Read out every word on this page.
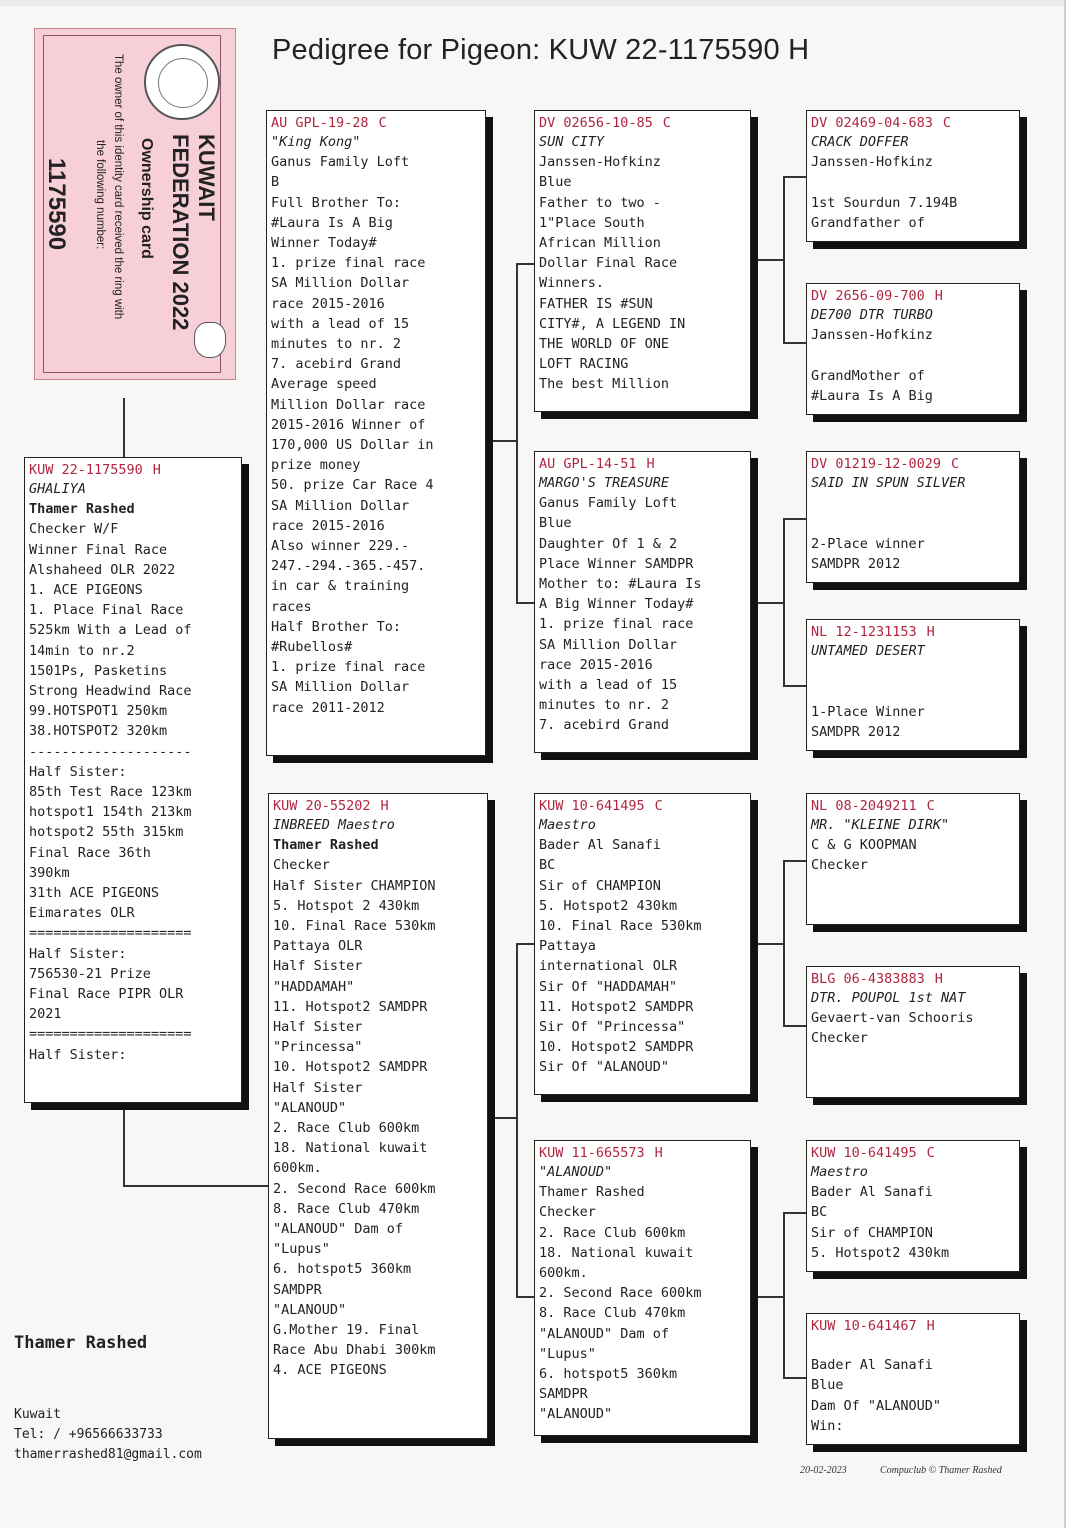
Pedigree for Pigeon: KUW 22-1175590 H
KUWAIT
FEDERATION 2022
Ownership card
The owner of this identity card received the ring with
the following number:
1175590
KUW 22-1175590 H
GHALIYA
Thamer Rashed
Checker W/F
Winner Final Race
Alshaheed OLR 2022
1. ACE PIGEONS
1. Place Final Race
525km With a Lead of
14min to nr.2
1501Ps, Pasketins
Strong Headwind Race
99.HOTSPOT1 250km
38.HOTSPOT2 320km
--------------------
Half Sister:
85th Test Race 123km
hotspot1 154th 213km
hotspot2 55th 315km
Final Race 36th
390km
31th ACE PIGEONS
Eimarates OLR
====================
Half Sister:
756530-21 Prize
Final Race PIPR OLR
2021
====================
Half Sister:
AU GPL-19-28 C
"King Kong"
Ganus Family Loft
B
Full Brother To:
#Laura Is A Big
Winner Today#
1. prize final race
SA Million Dollar
race 2015-2016
with a lead of 15
minutes to nr. 2
7. acebird Grand
Average speed
Million Dollar race
2015-2016 Winner of
170,000 US Dollar in
prize money
50. prize Car Race 4
SA Million Dollar
race 2015-2016
Also winner 229.-
247.-294.-365.-457.
in car & training
races
Half Brother To:
#Rubellos#
1. prize final race
SA Million Dollar
race 2011-2012
KUW 20-55202 H
INBREED Maestro
Thamer Rashed
Checker
Half Sister CHAMPION
5. Hotspot 2 430km
10. Final Race 530km
Pattaya OLR
Half Sister
"HADDAMAH"
11. Hotspot2 SAMDPR
Half Sister
"Princessa"
10. Hotspot2 SAMDPR
Half Sister
"ALANOUD"
2. Race Club 600km
18. National kuwait
600km.
2. Second Race 600km
8. Race Club 470km
"ALANOUD" Dam of
"Lupus"
6. hotspot5 360km
SAMDPR
"ALANOUD"
G.Mother 19. Final
Race Abu Dhabi 300km
4. ACE PIGEONS
DV 02656-10-85 C
SUN CITY
Janssen-Hofkinz
Blue
Father to two -
1"Place South
African Million
Dollar Final Race
Winners.
FATHER IS #SUN
CITY#, A LEGEND IN
THE WORLD OF ONE
LOFT RACING
The best Million
AU GPL-14-51 H
MARGO'S TREASURE
Ganus Family Loft
Blue
Daughter Of 1 & 2
Place Winner SAMDPR
Mother to: #Laura Is
A Big Winner Today#
1. prize final race
SA Million Dollar
race 2015-2016
with a lead of 15
minutes to nr. 2
7. acebird Grand
KUW 10-641495 C
Maestro
Bader Al Sanafi
BC
Sir of CHAMPION
5. Hotspot2 430km
10. Final Race 530km
Pattaya
international OLR
Sir Of "HADDAMAH"
11. Hotspot2 SAMDPR
Sir Of "Princessa"
10. Hotspot2 SAMDPR
Sir Of "ALANOUD"
KUW 11-665573 H
"ALANOUD"
Thamer Rashed
Checker
2. Race Club 600km
18. National kuwait
600km.
2. Second Race 600km
8. Race Club 470km
"ALANOUD" Dam of
"Lupus"
6. hotspot5 360km
SAMDPR
"ALANOUD"
DV 02469-04-683 C
CRACK DOFFER
Janssen-Hofkinz
1st Sourdun 7.194B
Grandfather of
DV 2656-09-700 H
DE700 DTR TURBO
Janssen-Hofkinz
GrandMother of
#Laura Is A Big
DV 01219-12-0029 C
SAID IN SPUN SILVER
2-Place winner
SAMDPR 2012
NL 12-1231153 H
UNTAMED DESERT
1-Place Winner
SAMDPR 2012
NL 08-2049211 C
MR. "KLEINE DIRK"
C & G KOOPMAN
Checker
BLG 06-4383883 H
DTR. POUPOL 1st NAT
Gevaert-van Schooris
Checker
KUW 10-641495 C
Maestro
Bader Al Sanafi
BC
Sir of CHAMPION
5. Hotspot2 430km
KUW 10-641467 H
Bader Al Sanafi
Blue
Dam Of "ALANOUD"
Win:
Thamer Rashed
Kuwait
Tel: / +96566633733
thamerrashed81@gmail.com
20-02-2023	Compuclub © Thamer Rashed
